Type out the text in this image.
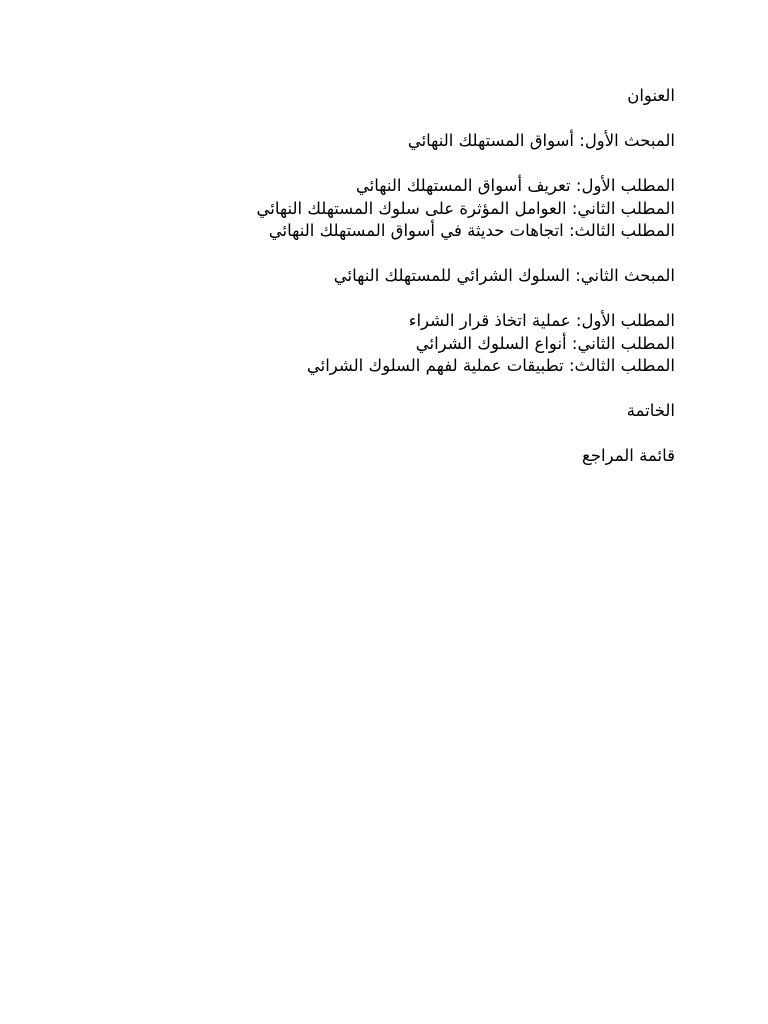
العنوان
المبحث الأول: أسواق المستهلك النهائي
المطلب الأول: تعريف أسواق المستهلك النهائي
المطلب الثاني: العوامل المؤثرة على سلوك المستهلك النهائي
المطلب الثالث: اتجاهات حديثة في أسواق المستهلك النهائي
المبحث الثاني: السلوك الشرائي للمستهلك النهائي
المطلب الأول: عملية اتخاذ قرار الشراء
المطلب الثاني: أنواع السلوك الشرائي
المطلب الثالث: تطبيقات عملية لفهم السلوك الشرائي
الخاتمة
قائمة المراجع
